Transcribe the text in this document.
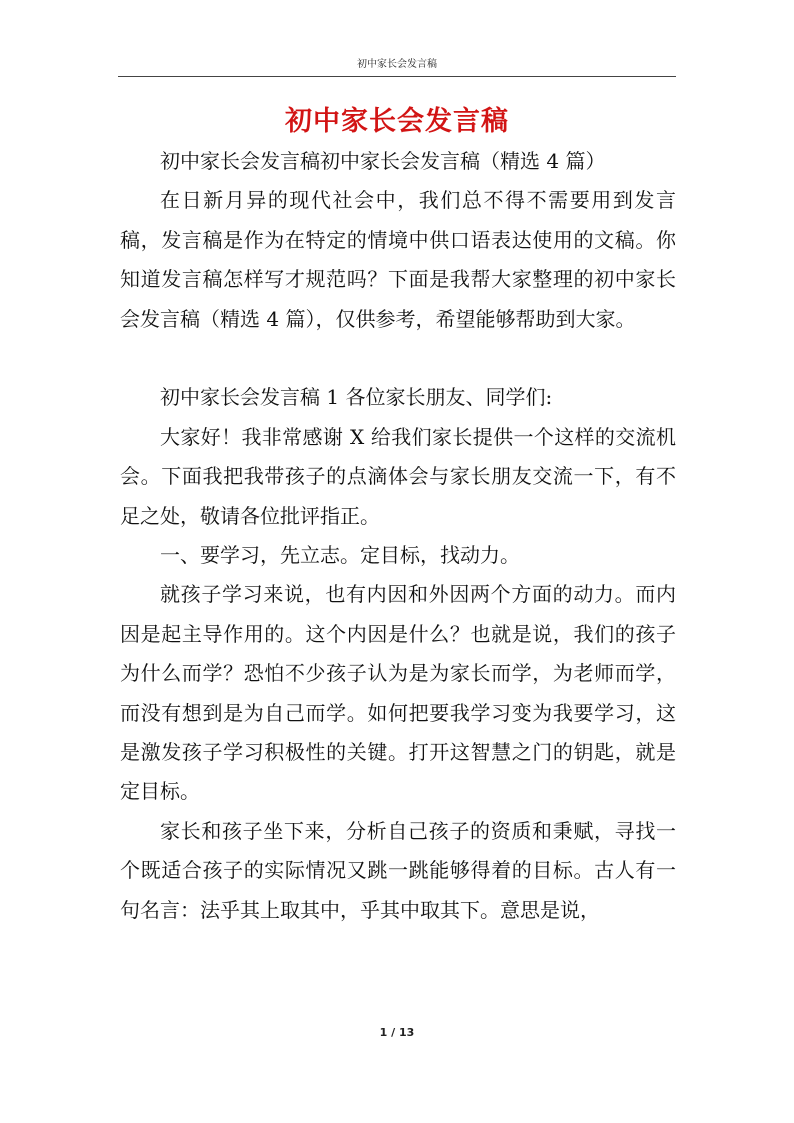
初中家长会发言稿
初中家长会发言稿

初中家长会发言稿初中家长会发言稿（精选 4 篇）

在日新月异的现代社会中，我们总不得不需要用到发言稿，发言稿是作为在特定的情境中供口语表达使用的文稿。你知道发言稿怎样写才规范吗？下面是我帮大家整理的初中家长会发言稿（精选 4 篇），仅供参考，希望能够帮助到大家。

初中家长会发言稿 1 各位家长朋友、同学们:

大家好！我非常感谢 X 给我们家长提供一个这样的交流机会。下面我把我带孩子的点滴体会与家长朋友交流一下，有不足之处，敬请各位批评指正。

一、要学习，先立志。定目标，找动力。

就孩子学习来说，也有内因和外因两个方面的动力。而内因是起主导作用的。这个内因是什么？也就是说，我们的孩子为什么而学？恐怕不少孩子认为是为家长而学，为老师而学，而没有想到是为自己而学。如何把要我学习变为我要学习，这是激发孩子学习积极性的关键。打开这智慧之门的钥匙，就是定目标。

家长和孩子坐下来，分析自己孩子的资质和秉赋，寻找一个既适合孩子的实际情况又跳一跳能够得着的目标。古人有一句名言：法乎其上取其中，乎其中取其下。意思是说，

1 / 13
